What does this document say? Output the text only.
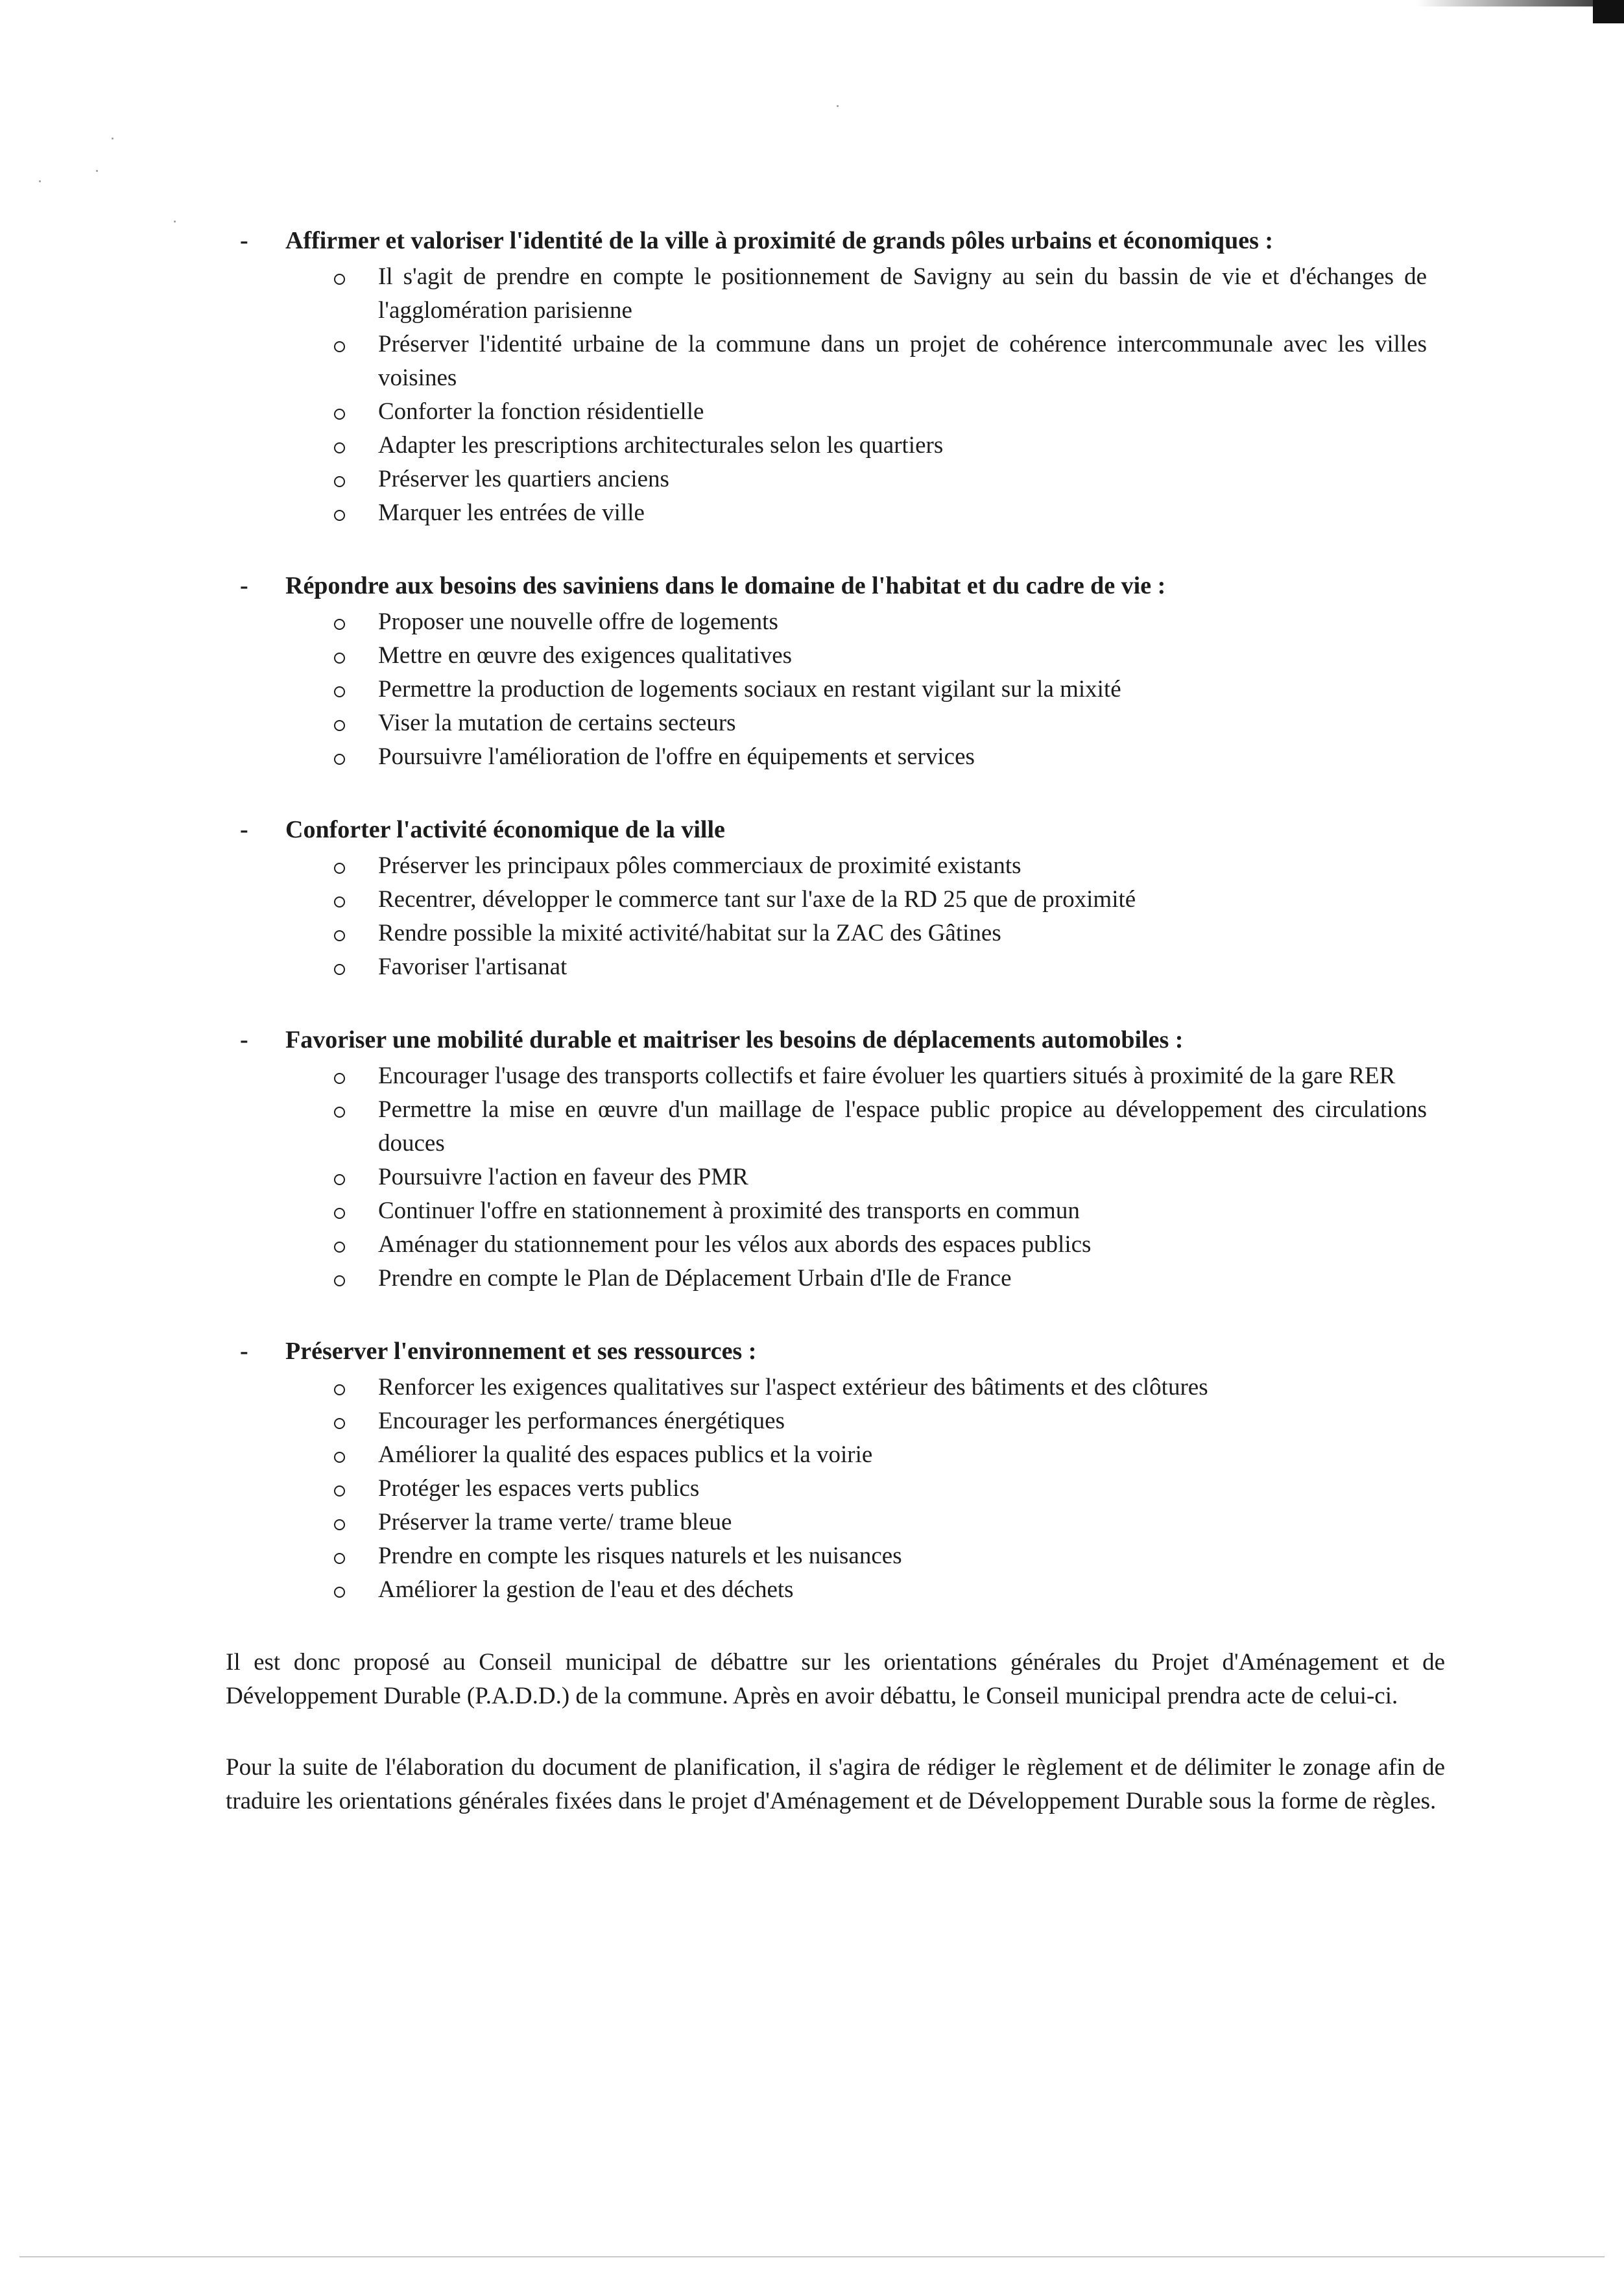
-	Affirmer et valoriser l'identité de la ville à proximité de grands pôles urbains et économiques :
Il s'agit de prendre en compte le positionnement de Savigny au sein du bassin de vie et d'échanges de l'agglomération parisienne
Préserver l'identité urbaine de la commune dans un projet de cohérence intercommunale avec les villes voisines
Conforter la fonction résidentielle
Adapter les prescriptions architecturales selon les quartiers
Préserver les quartiers anciens
Marquer les entrées de ville
-	Répondre aux besoins des saviniens dans le domaine de l'habitat et du cadre de vie :
Proposer une nouvelle offre de logements
Mettre en œuvre des exigences qualitatives
Permettre la production de logements sociaux en restant vigilant sur la mixité
Viser la mutation de certains secteurs
Poursuivre l'amélioration de l'offre en équipements et services
-	Conforter l'activité économique de la ville
Préserver les principaux pôles commerciaux de proximité existants
Recentrer, développer le commerce tant sur l'axe de la RD 25 que de proximité
Rendre possible la mixité activité/habitat sur la ZAC des Gâtines
Favoriser l'artisanat
-	Favoriser une mobilité durable et maitriser les besoins de déplacements automobiles :
Encourager l'usage des transports collectifs et faire évoluer les quartiers situés à proximité de la gare RER
Permettre la mise en œuvre d'un maillage de l'espace public propice au développement des circulations douces
Poursuivre l'action en faveur des PMR
Continuer l'offre en stationnement à proximité des transports en commun
Aménager du stationnement pour les vélos aux abords des espaces publics
Prendre en compte le Plan de Déplacement Urbain d'Ile de France
-	Préserver l'environnement et ses ressources :
Renforcer les exigences qualitatives sur l'aspect extérieur des bâtiments et des clôtures
Encourager les performances énergétiques
Améliorer la qualité des espaces publics et la voirie
Protéger les espaces verts publics
Préserver la trame verte/ trame bleue
Prendre en compte les risques naturels et les nuisances
Améliorer la gestion de l'eau et des déchets

Il est donc proposé au Conseil municipal de débattre sur les orientations générales du Projet d'Aménagement et de Développement Durable (P.A.D.D.) de la commune. Après en avoir débattu, le Conseil municipal prendra acte de celui-ci.

Pour la suite de l'élaboration du document de planification, il s'agira de rédiger le règlement et de délimiter le zonage afin de traduire les orientations générales fixées dans le projet d'Aménagement et de Développement Durable sous la forme de règles.
